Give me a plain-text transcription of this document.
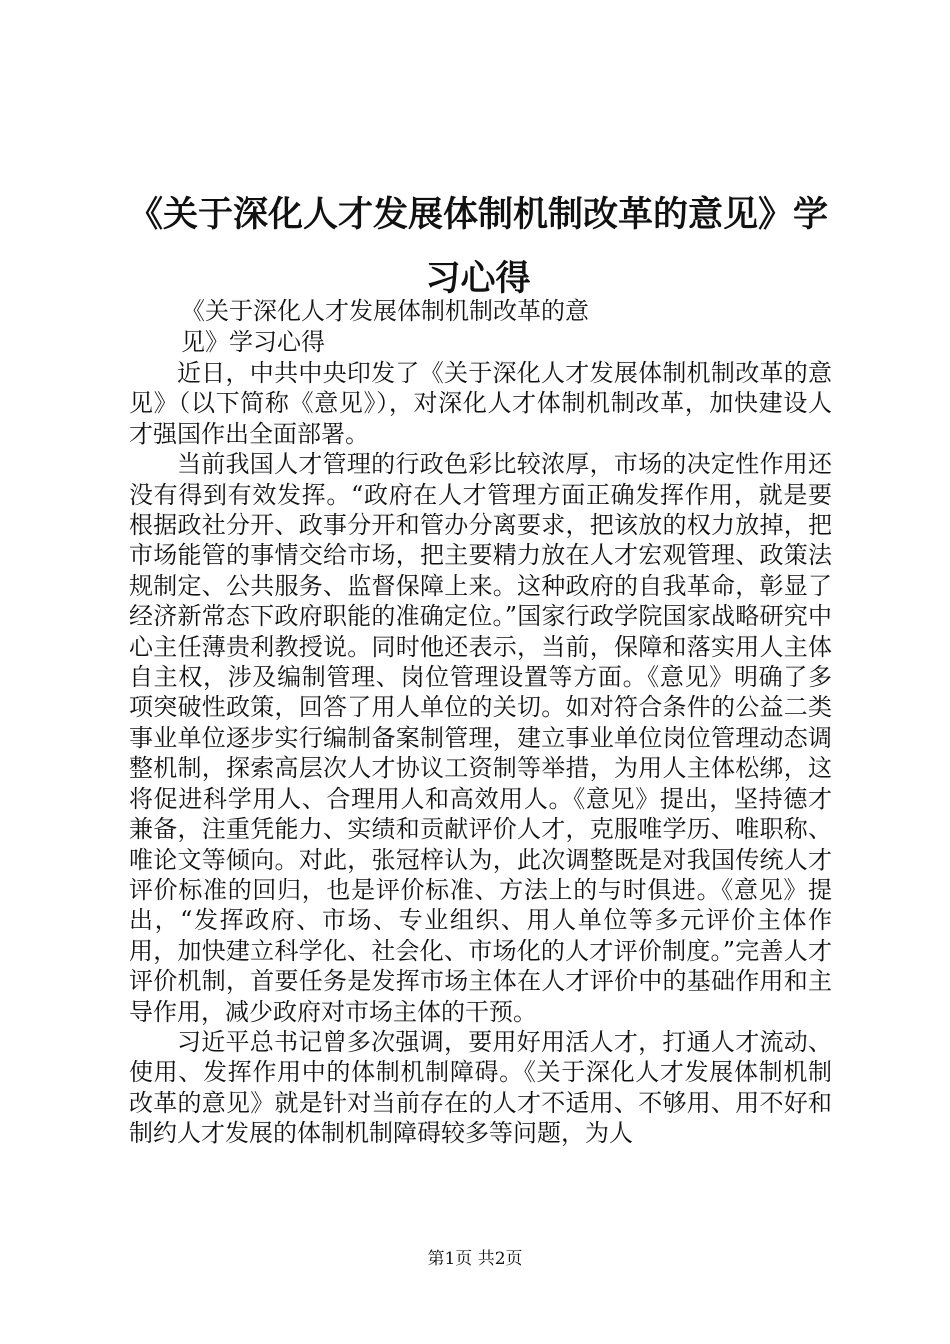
《关于深化人才发展体制机制改革的意见》学习心得
《关于深化人才发展体制机制改革的意
见》学习心得

近日，中共中央印发了《关于深化人才发展体制机制改革的意见》（以下简称《意见》），对深化人才体制机制改革，加快建设人才强国作出全面部署。

当前我国人才管理的行政色彩比较浓厚，市场的决定性作用还没有得到有效发挥。“政府在人才管理方面正确发挥作用，就是要根据政社分开、政事分开和管办分离要求，把该放的权力放掉，把市场能管的事情交给市场，把主要精力放在人才宏观管理、政策法规制定、公共服务、监督保障上来。这种政府的自我革命，彰显了经济新常态下政府职能的准确定位。”国家行政学院国家战略研究中心主任薄贵利教授说。同时他还表示，当前，保障和落实用人主体自主权，涉及编制管理、岗位管理设置等方面。《意见》明确了多项突破性政策，回答了用人单位的关切。如对符合条件的公益二类事业单位逐步实行编制备案制管理，建立事业单位岗位管理动态调整机制，探索高层次人才协议工资制等举措，为用人主体松绑，这将促进科学用人、合理用人和高效用人。《意见》提出，坚持德才兼备，注重凭能力、实绩和贡献评价人才，克服唯学历、唯职称、唯论文等倾向。对此，张冠梓认为，此次调整既是对我国传统人才评价标准的回归，也是评价标准、方法上的与时俱进。《意见》提出，“发挥政府、市场、专业组织、用人单位等多元评价主体作用，加快建立科学化、社会化、市场化的人才评价制度。”完善人才评价机制，首要任务是发挥市场主体在人才评价中的基础作用和主导作用，减少政府对市场主体的干预。

习近平总书记曾多次强调，要用好用活人才，打通人才流动、使用、发挥作用中的体制机制障碍。《关于深化人才发展体制机制改革的意见》就是针对当前存在的人才不适用、不够用、用不好和制约人才发展的体制机制障碍较多等问题，为人

第1页 共2页
